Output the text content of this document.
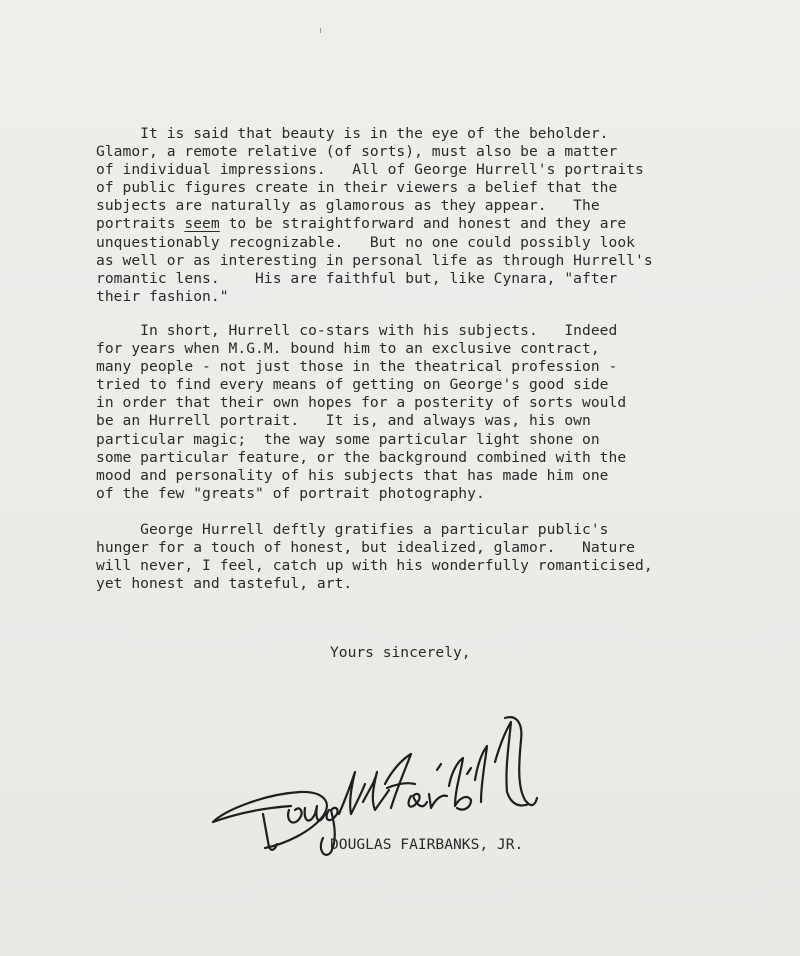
It is said that beauty is in the eye of the beholder.
Glamor, a remote relative (of sorts), must also be a matter
of individual impressions.   All of George Hurrell's portraits
of public figures create in their viewers a belief that the
subjects are naturally as glamorous as they appear.   The
portraits seem to be straightforward and honest and they are
unquestionably recognizable.   But no one could possibly look
as well or as interesting in personal life as through Hurrell's
romantic lens.    His are faithful but, like Cynara, "after
their fashion."

In short, Hurrell co-stars with his subjects.   Indeed
for years when M.G.M. bound him to an exclusive contract,
many people - not just those in the theatrical profession -
tried to find every means of getting on George's good side
in order that their own hopes for a posterity of sorts would
be an Hurrell portrait.   It is, and always was, his own
particular magic;  the way some particular light shone on
some particular feature, or the background combined with the
mood and personality of his subjects that has made him one
of the few "greats" of portrait photography.

George Hurrell deftly gratifies a particular public's
hunger for a touch of honest, but idealized, glamor.   Nature
will never, I feel, catch up with his wonderfully romanticised,
yet honest and tasteful, art.

Yours sincerely,
DOUGLAS FAIRBANKS, JR.
